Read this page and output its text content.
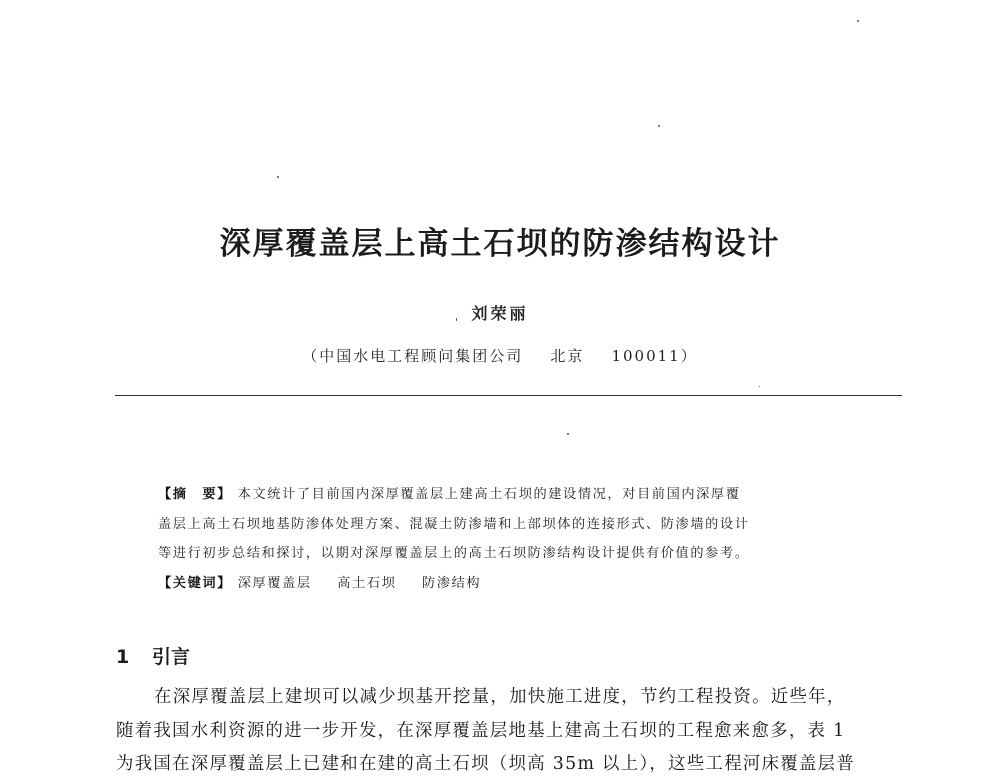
深厚覆盖层上高土石坝的防渗结构设计
刘荣丽
（中国水电工程顾问集团公司 北京 100011）
【摘　要】 本文统计了目前国内深厚覆盖层上建高土石坝的建设情况，对目前国内深厚覆
盖层上高土石坝地基防渗体处理方案、混凝土防渗墙和上部坝体的连接形式、防渗墙的设计
等进行初步总结和探讨，以期对深厚覆盖层上的高土石坝防渗结构设计提供有价值的参考。
【关键词】 深厚覆盖层 高土石坝 防渗结构
1 引言
在深厚覆盖层上建坝可以减少坝基开挖量，加快施工进度，节约工程投资。近些年，
随着我国水利资源的进一步开发，在深厚覆盖层地基上建高土石坝的工程愈来愈多，表 1
为我国在深厚覆盖层上已建和在建的高土石坝（坝高 35m 以上），这些工程河床覆盖层普
